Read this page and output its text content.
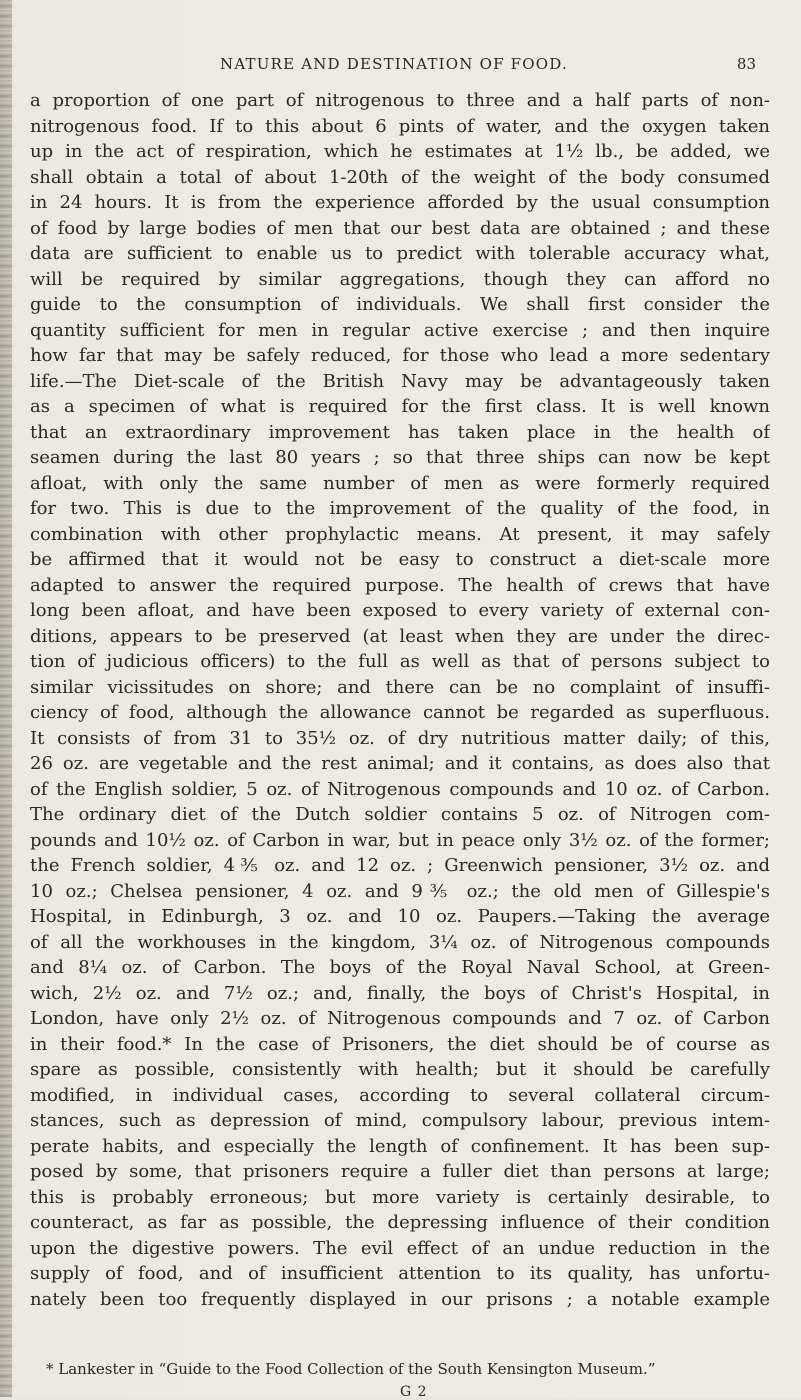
NATURE AND DESTINATION OF FOOD.	83
a proportion of one part of nitrogenous to three and a half parts of non-
nitrogenous food. If to this about 6 pints of water, and the oxygen taken
up in the act of respiration, which he estimates at 1½ lb., be added, we
shall obtain a total of about 1-20th of the weight of the body consumed
in 24 hours. It is from the experience afforded by the usual consumption
of food by large bodies of men that our best data are obtained ; and these
data are sufficient to enable us to predict with tolerable accuracy what,
will be required by similar aggregations, though they can afford no
guide to the consumption of individuals. We shall first consider the
quantity sufficient for men in regular active exercise ; and then inquire
how far that may be safely reduced, for those who lead a more sedentary
life.—The Diet-scale of the British Navy may be advantageously taken
as a specimen of what is required for the first class. It is well known
that an extraordinary improvement has taken place in the health of
seamen during the last 80 years ; so that three ships can now be kept
afloat, with only the same number of men as were formerly required
for two. This is due to the improvement of the quality of the food, in
combination with other prophylactic means. At present, it may safely
be affirmed that it would not be easy to construct a diet-scale more
adapted to answer the required purpose. The health of crews that have
long been afloat, and have been exposed to every variety of external con-
ditions, appears to be preserved (at least when they are under the direc-
tion of judicious officers) to the full as well as that of persons subject to
similar vicissitudes on shore; and there can be no complaint of insuffi-
ciency of food, although the allowance cannot be regarded as superfluous.
It consists of from 31 to 35½ oz. of dry nutritious matter daily; of this,
26 oz. are vegetable and the rest animal; and it contains, as does also that
of the English soldier, 5 oz. of Nitrogenous compounds and 10 oz. of Carbon.
The ordinary diet of the Dutch soldier contains 5 oz. of Nitrogen com-
pounds and 10½ oz. of Carbon in war, but in peace only 3½ oz. of the former;
the French soldier, 4⅗ oz. and 12 oz. ; Greenwich pensioner, 3½ oz. and
10 oz.; Chelsea pensioner, 4 oz. and 9⅗ oz.; the old men of Gillespie's
Hospital, in Edinburgh, 3 oz. and 10 oz. Paupers.—Taking the average
of all the workhouses in the kingdom, 3¼ oz. of Nitrogenous compounds
and 8¼ oz. of Carbon. The boys of the Royal Naval School, at Green-
wich, 2½ oz. and 7½ oz.; and, finally, the boys of Christ's Hospital, in
London, have only 2½ oz. of Nitrogenous compounds and 7 oz. of Carbon
in their food.* In the case of Prisoners, the diet should be of course as
spare as possible, consistently with health; but it should be carefully
modified, in individual cases, according to several collateral circum-
stances, such as depression of mind, compulsory labour, previous intem-
perate habits, and especially the length of confinement. It has been sup-
posed by some, that prisoners require a fuller diet than persons at large;
this is probably erroneous; but more variety is certainly desirable, to
counteract, as far as possible, the depressing influence of their condition
upon the digestive powers. The evil effect of an undue reduction in the
supply of food, and of insufficient attention to its quality, has unfortu-
nately been too frequently displayed in our prisons ; a notable example
* Lankester in “Guide to the Food Collection of the South Kensington Museum.”
G 2
